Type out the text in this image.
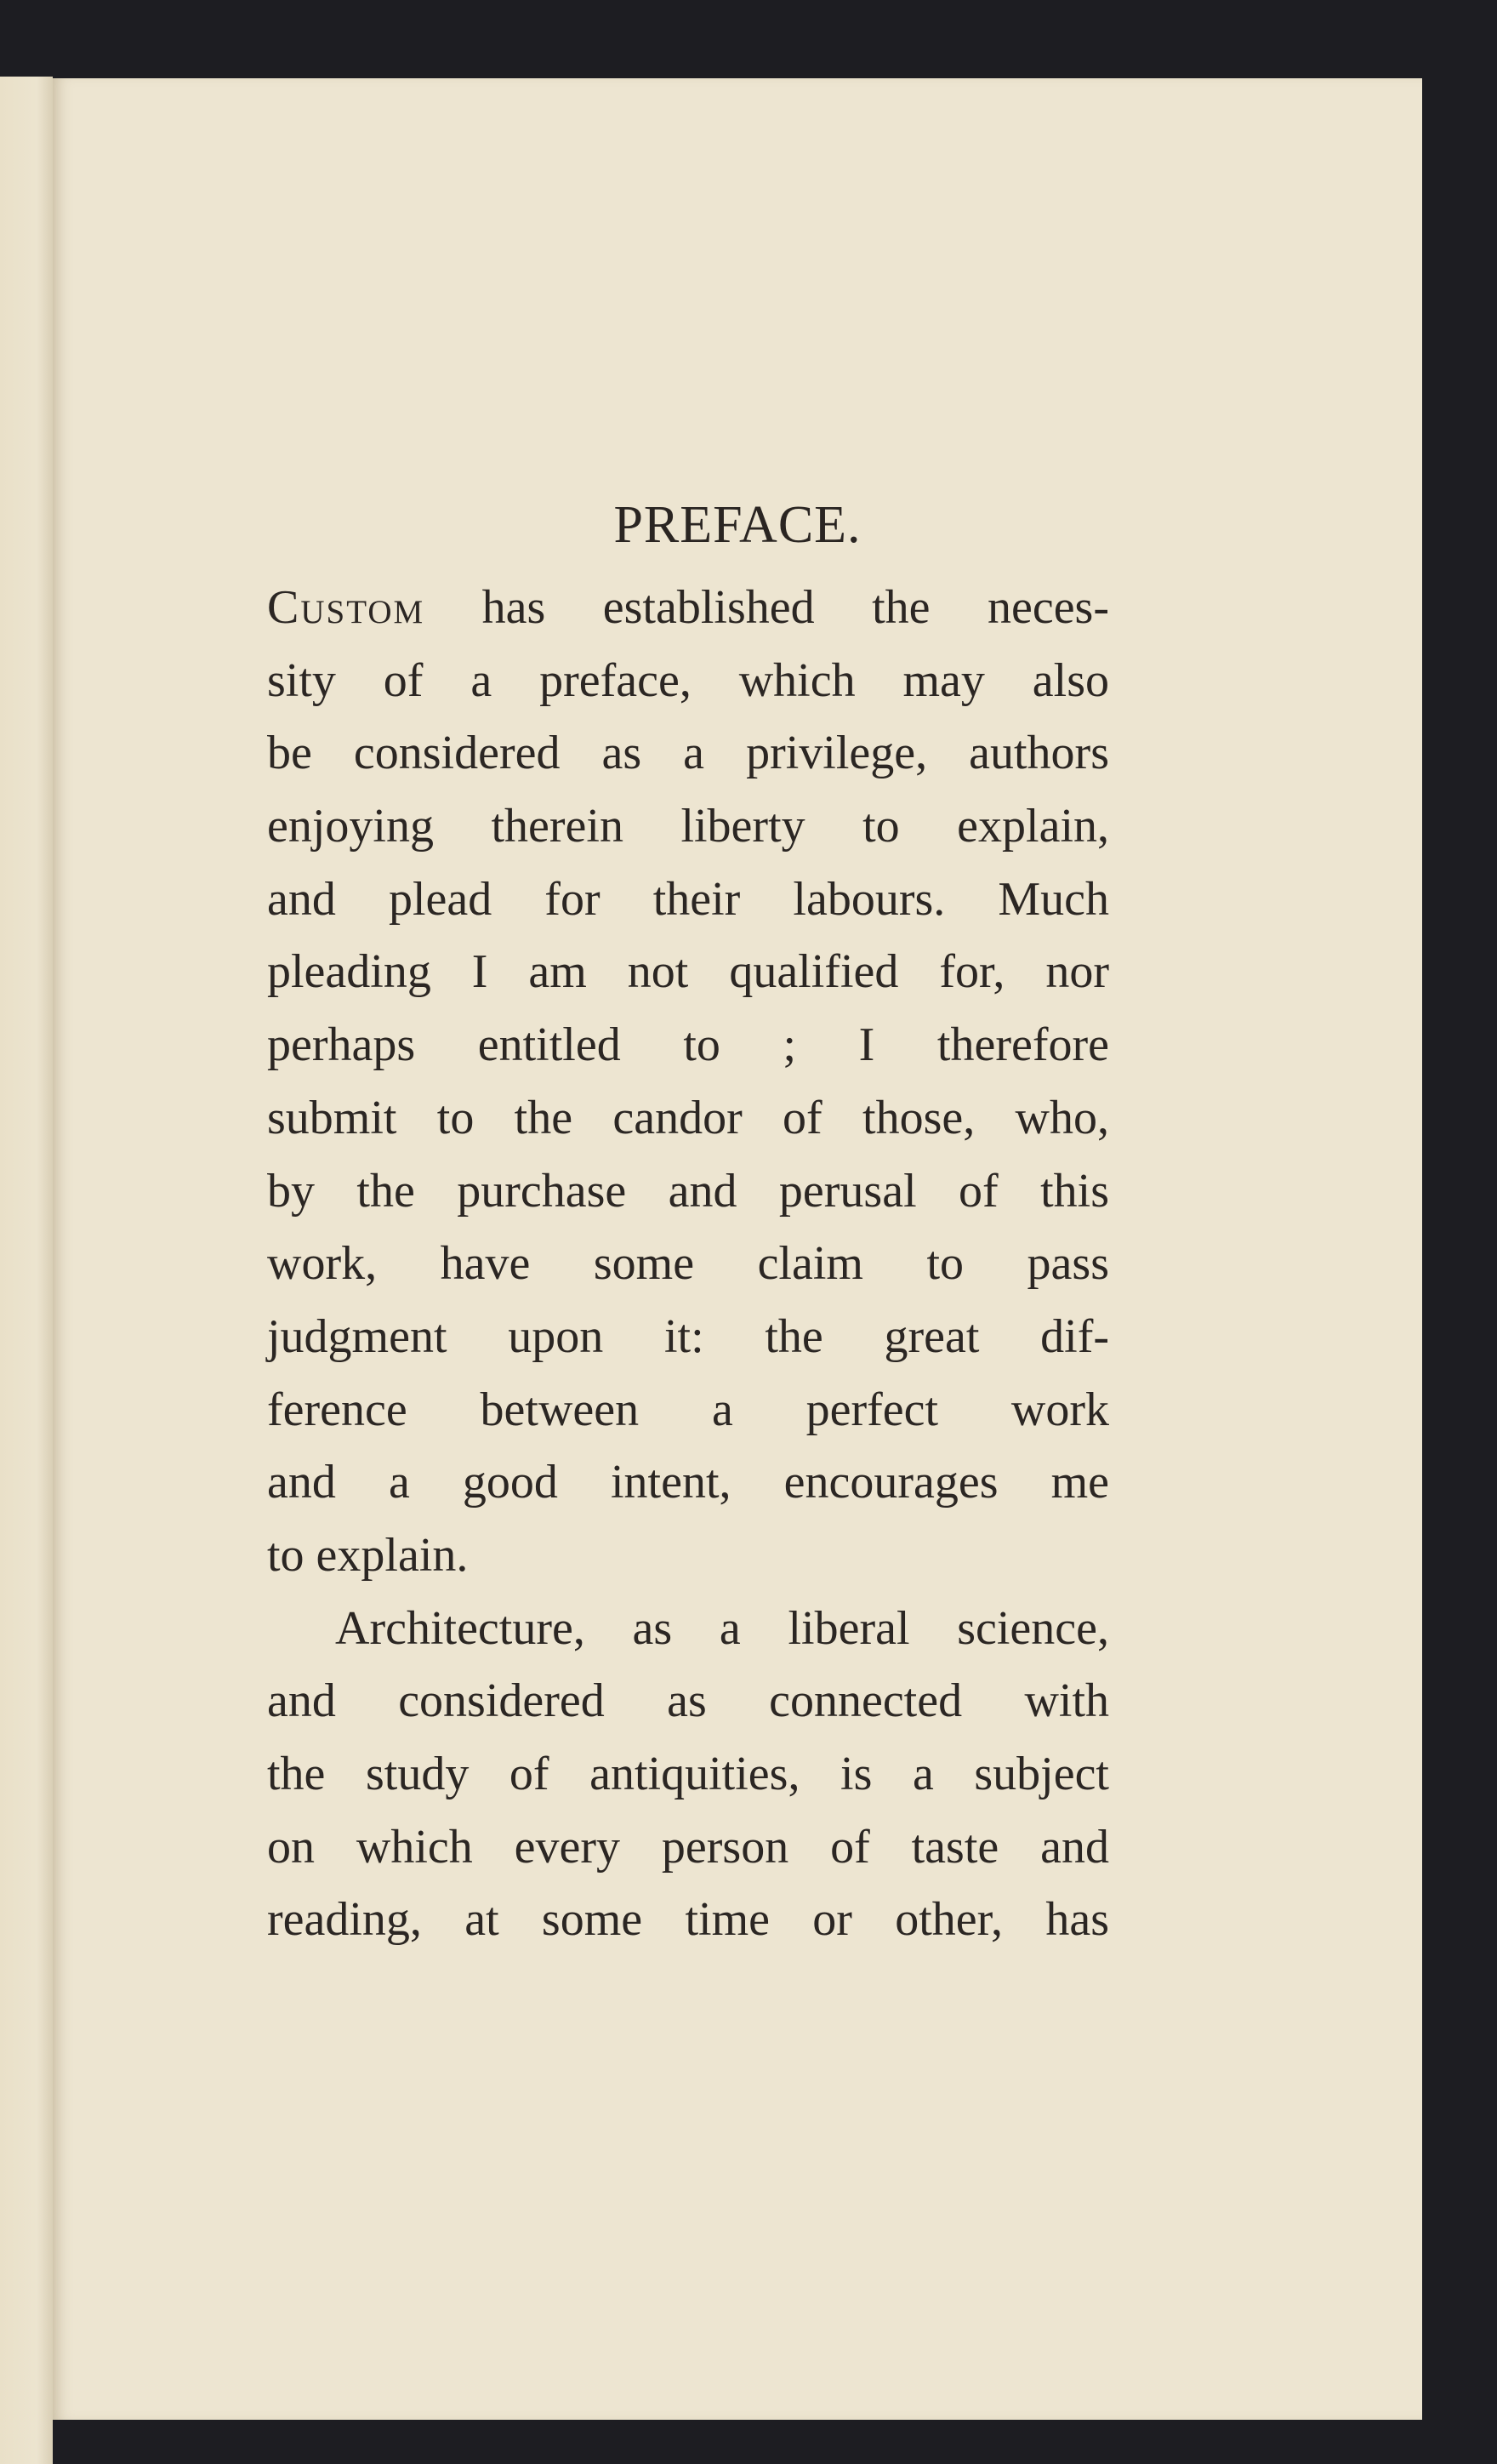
PREFACE.
Custom has established the neces-
sity of a preface, which may also
be considered as a privilege, authors
enjoying therein liberty to explain,
and plead for their labours. Much
pleading I am not qualified for, nor
perhaps entitled to ; I therefore
submit to the candor of those, who,
by the purchase and perusal of this
work, have some claim to pass
judgment upon it: the great dif-
ference between a perfect work
and a good intent, encourages me
to explain.
Architecture, as a liberal science,
and considered as connected with
the study of antiquities, is a subject
on which every person of taste and
reading, at some time or other, has
